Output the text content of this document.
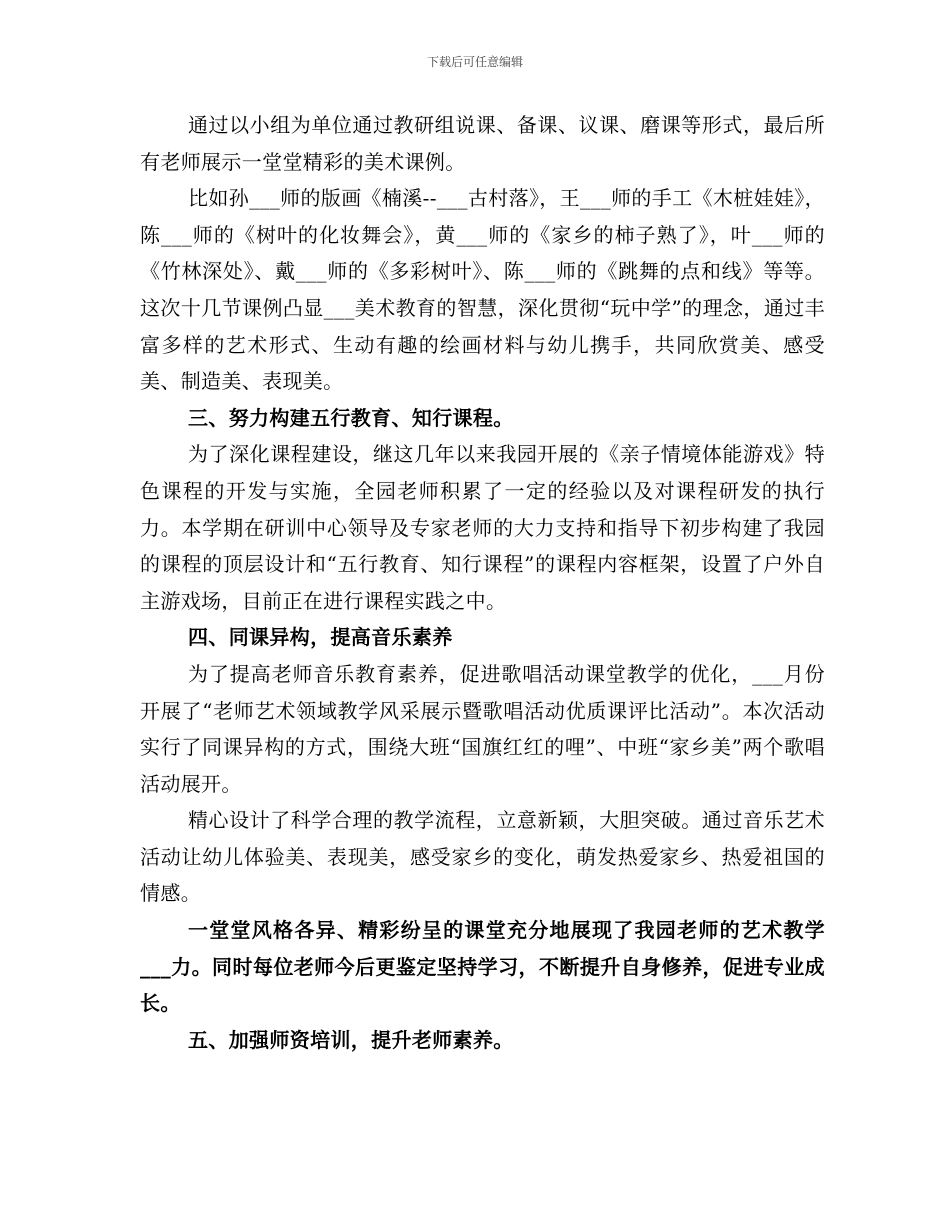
下载后可任意编辑

通过以小组为单位通过教研组说课、备课、议课、磨课等形式，最后所有老师展示一堂堂精彩的美术课例。

比如孙___师的版画《楠溪--___古村落》，王___师的手工《木桩娃娃》，陈___师的《树叶的化妆舞会》，黄___师的《家乡的柿子熟了》，叶___师的《竹林深处》、戴___师的《多彩树叶》、陈___师的《跳舞的点和线》等等。这次十几节课例凸显___美术教育的智慧，深化贯彻“玩中学”的理念，通过丰富多样的艺术形式、生动有趣的绘画材料与幼儿携手，共同欣赏美、感受美、制造美、表现美。

三、努力构建五行教育、知行课程。

为了深化课程建设，继这几年以来我园开展的《亲子情境体能游戏》特色课程的开发与实施，全园老师积累了一定的经验以及对课程研发的执行力。本学期在研训中心领导及专家老师的大力支持和指导下初步构建了我园的课程的顶层设计和“五行教育、知行课程”的课程内容框架，设置了户外自主游戏场，目前正在进行课程实践之中。

四、同课异构，提高音乐素养

为了提高老师音乐教育素养，促进歌唱活动课堂教学的优化，___月份开展了“老师艺术领域教学风采展示暨歌唱活动优质课评比活动”。本次活动实行了同课异构的方式，围绕大班“国旗红红的哩”、中班“家乡美”两个歌唱活动展开。

精心设计了科学合理的教学流程，立意新颖，大胆突破。通过音乐艺术活动让幼儿体验美、表现美，感受家乡的变化，萌发热爱家乡、热爱祖国的情感。

一堂堂风格各异、精彩纷呈的课堂充分地展现了我园老师的艺术教学___力。同时每位老师今后更鉴定坚持学习，不断提升自身修养，促进专业成长。

五、加强师资培训，提升老师素养。
